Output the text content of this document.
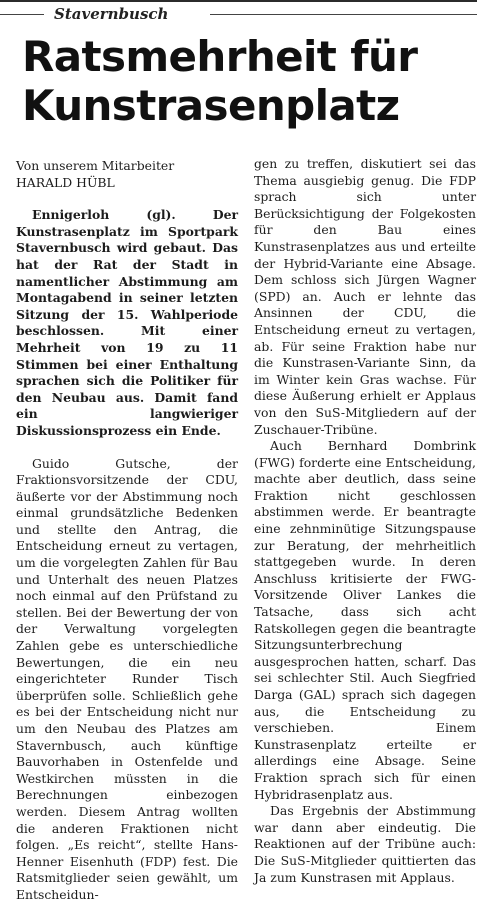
Stavernbusch
Ratsmehrheit für
Kunstrasenplatz

Von unserem Mitarbeiter
HARALD HÜBL

Ennigerloh (gl). Der Kunstrasenplatz im Sportpark Stavernbusch wird gebaut. Das hat der Rat der Stadt in namentlicher Abstimmung am Montagabend in seiner letzten Sitzung der 15. Wahlperiode beschlossen. Mit einer Mehrheit von 19 zu 11 Stimmen bei einer Enthaltung sprachen sich die Politiker für den Neubau aus. Damit fand ein langwieriger Diskussionsprozess ein Ende.

Guido Gutsche, der Fraktionsvorsitzende der CDU, äußerte vor der Abstimmung noch einmal grundsätzliche Bedenken und stellte den Antrag, die Entscheidung erneut zu vertagen, um die vorgelegten Zahlen für Bau und Unterhalt des neuen Platzes noch einmal auf den Prüfstand zu stellen. Bei der Bewertung der von der Verwaltung vorgelegten Zahlen gebe es unterschiedliche Bewertungen, die ein neu eingerichteter Runder Tisch überprüfen solle. Schließlich gehe es bei der Entscheidung nicht nur um den Neubau des Platzes am Stavernbusch, auch künftige Bauvorhaben in Ostenfelde und Westkirchen müssten in die Berechnungen einbezogen werden. Diesem Antrag wollten die anderen Fraktionen nicht folgen. „Es reicht“, stellte Hans-Henner Eisenhuth (FDP) fest. Die Ratsmitglieder seien gewählt, um Entscheidun-

gen zu treffen, diskutiert sei das Thema ausgiebig genug. Die FDP sprach sich unter Berücksichtigung der Folgekosten für den Bau eines Kunstrasenplatzes aus und erteilte der Hybrid-Variante eine Absage. Dem schloss sich Jürgen Wagner (SPD) an. Auch er lehnte das Ansinnen der CDU, die Entscheidung erneut zu vertagen, ab. Für seine Fraktion habe nur die Kunstrasen-Variante Sinn, da im Winter kein Gras wachse. Für diese Äußerung erhielt er Applaus von den SuS-Mitgliedern auf der Zuschauer-Tribüne.

Auch Bernhard Dombrink (FWG) forderte eine Entscheidung, machte aber deutlich, dass seine Fraktion nicht geschlossen abstimmen werde. Er beantragte eine zehnminütige Sitzungspause zur Beratung, der mehrheitlich stattgegeben wurde. In deren Anschluss kritisierte der FWG-Vorsitzende Oliver Lankes die Tatsache, dass sich acht Ratskollegen gegen die beantragte Sitzungsunterbrechung ausgesprochen hatten, scharf. Das sei schlechter Stil. Auch Siegfried Darga (GAL) sprach sich dagegen aus, die Entscheidung zu verschieben. Einem Kunstrasenplatz erteilte er allerdings eine Absage. Seine Fraktion sprach sich für einen Hybridrasenplatz aus.

Das Ergebnis der Abstimmung war dann aber eindeutig. Die Reaktionen auf der Tribüne auch: Die SuS-Mitglieder quittierten das Ja zum Kunstrasen mit Applaus.
